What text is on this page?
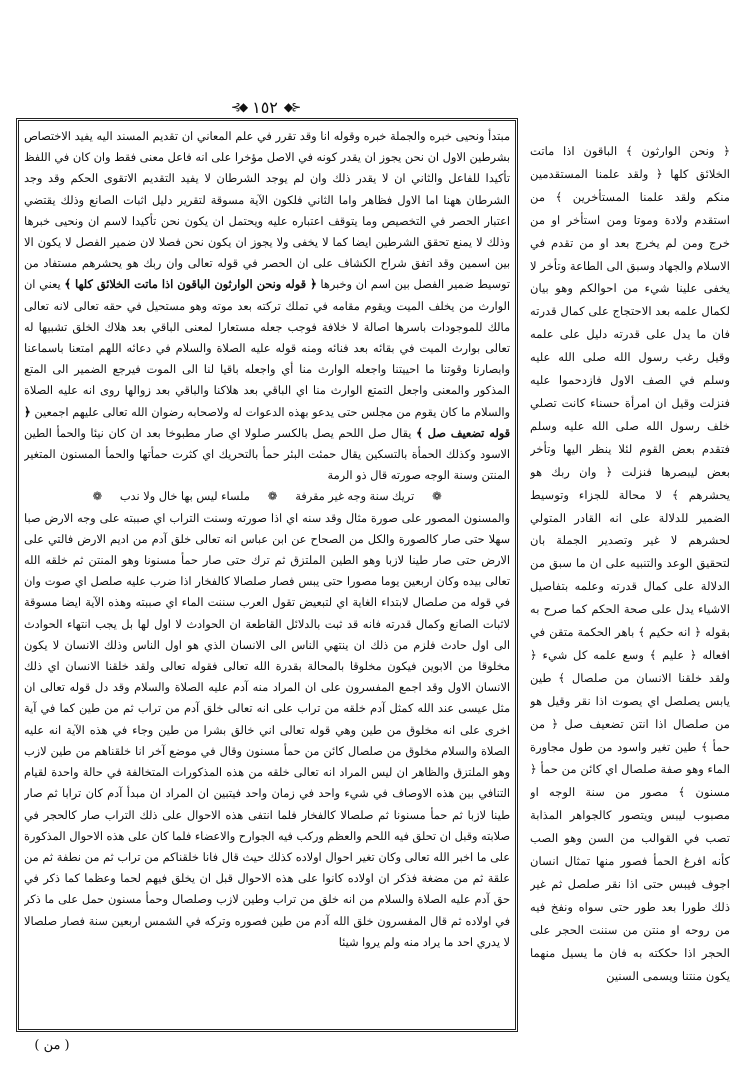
⊰◆ ١٥٢ ◆⊱

مبتدأ ونحيى خبره والجملة خبره وقوله انا وقد تقرر في علم المعاني ان تقديم المسند اليه يفيد الاختصاص بشرطين الاول ان نحن يجوز ان يقدر كونه في الاصل مؤخرا على انه فاعل معنى فقط وان كان في اللفظ تأكيدا للفاعل والثاني ان لا يقدر ذلك وان لم يوجد الشرطان لا يفيد التقديم الاتقوى الحكم وقد وجد الشرطان ههنا اما الاول فظاهر واما الثاني فلكون الآية مسوقة لتقرير دليل اثبات الصانع وذلك يقتضي اعتبار الحصر في التخصيص وما يتوقف اعتباره عليه ويحتمل ان يكون نحن تأكيدا لاسم ان ونحيى خبرها وذلك لا يمنع تحقق الشرطين ايضا كما لا يخفى ولا يجوز ان يكون نحن فصلا لان ضمير الفصل لا يكون الا بين اسمين وقد اتفق شراح الكشاف على ان الحصر في قوله تعالى وان ربك هو يحشرهم مستفاد من توسيط ضمير الفصل بين اسم ان وخبرها ﴿ قوله ونحن الوارثون الباقون اذا ماتت الخلائق كلها ﴾ يعني ان الوارث من يخلف الميت ويقوم مقامه في تملك تركته بعد موته وهو مستحيل في حقه تعالى لانه تعالى مالك للموجودات باسرها اصالة لا خلافة فوجب جعله مستعارا لمعنى الباقي بعد هلاك الخلق تشبيها له تعالى بوارث الميت في بقائه بعد فنائه ومنه قوله عليه الصلاة والسلام في دعائه اللهم امتعنا باسماعنا وابصارنا وقوتنا ما احييتنا واجعله الوارث منا أي واجعله باقيا لنا الى الموت فيرجع الضمير الى المتع المذكور والمعنى واجعل التمتع الوارث منا اي الباقي بعد هلاكنا والباقي بعد زوالها روى انه عليه الصلاة والسلام ما كان يقوم من مجلس حتى يدعو بهذه الدعوات له ولاصحابه رضوان الله تعالى عليهم اجمعين ﴿ قوله تضعيف صل ﴾ يقال صل اللحم يصل بالكسر صلولا اي صار مطبوخا بعد ان كان نيئا والحمأ الطين الاسود وكذلك الحمأة بالتسكين يقال حمئت البئر حمأ بالتحريك اي كثرت حمأتها والحمأ المسنون المتغير المنتن وسنة الوجه صورته قال ذو الرمة

❁
تريك سنة وجه غير مقرفة
❁
ملساء ليس بها خال ولا ندب
❁

والمسنون المصور على صورة مثال وقد سنه اي اذا صورته وسنت التراب اي صببته على وجه الارض صبا سهلا حتى صار كالصورة والكل من الصحاح عن ابن عباس انه تعالى خلق آدم من اديم الارض فالتي على الارض حتى صار طينا لازبا وهو الطين الملتزق ثم ترك حتى صار حمأ مسنونا وهو المنتن ثم خلقه الله تعالى بيده وكان اربعين يوما مصورا حتى يبس فصار صلصالا كالفخار اذا ضرب عليه صلصل اي صوت وان في قوله من صلصال لابتداء الغاية اي لتبعيض تقول العرب سننت الماء اي صببته وهذه الآية ايضا مسوقة لاثبات الصانع وكمال قدرته فانه قد ثبت بالدلائل القاطعة ان الحوادث لا اول لها بل يجب انتهاء الحوادث الى اول حادث فلزم من ذلك ان ينتهي الناس الى الانسان الذي هو اول الناس وذلك الانسان لا يكون مخلوقا من الابوين فيكون مخلوقا بالمحالة بقدرة الله تعالى فقوله تعالى ولقد خلقنا الانسان اي ذلك الانسان الاول وقد اجمع المفسرون على ان المراد منه آدم عليه الصلاة والسلام وقد دل قوله تعالى ان مثل عيسى عند الله كمثل آدم خلقه من تراب على انه تعالى خلق آدم من تراب ثم من طين كما في آية اخرى على انه مخلوق من طين وهي قوله تعالى اني خالق بشرا من طين وجاء في هذه الآية انه عليه الصلاة والسلام مخلوق من صلصال كائن من حمأ مسنون وقال في موضع آخر انا خلقناهم من طين لازب وهو الملتزق والظاهر ان ليس المراد انه تعالى خلقه من هذه المذكورات المتخالفة في حالة واحدة لقيام التنافي بين هذه الاوصاف في شيء واحد في زمان واحد فيتبين ان المراد ان مبدأ آدم كان ترابا ثم صار طينا لازبا ثم حمأ مسنونا ثم صلصالا كالفخار فلما انتفى هذه الاحوال على ذلك التراب صار كالحجر في صلابته وقبل ان تحلق فيه اللحم والعظم وركب فيه الجوارح والاعضاء فلما كان على هذه الاحوال المذكورة على ما اخبر الله تعالى وكان تغير احوال اولاده كذلك حيث قال فانا خلقناكم من تراب ثم من نطفة ثم من علقة ثم من مضغة فذكر ان اولاده كانوا على هذه الاحوال قبل ان يخلق فيهم لحما وعظما كما ذكر في حق آدم عليه الصلاة والسلام من انه خلق من تراب وطين لازب وصلصال وحمأ مسنون حمل على ما ذكر في اولاده ثم قال المفسرون خلق الله آدم من طين فصوره وتركه في الشمس اربعين سنة فصار صلصالا لا يدري احد ما يراد منه ولم يروا شيئا

﴿ ونحن الوارثون ﴾ الباقون اذا ماتت الخلائق كلها ﴿ ولقد علمنا المستقدمين منكم ولقد علمنا المستأخرين ﴾ من استقدم ولادة وموتا ومن استأخر او من خرج ومن لم يخرج بعد او من تقدم في الاسلام والجهاد وسبق الى الطاعة وتأخر لا يخفى علينا شيء من احوالكم وهو بيان لكمال علمه بعد الاحتجاج على كمال قدرته فان ما يدل على قدرته دليل على علمه وقيل رغب رسول الله صلى الله عليه وسلم في الصف الاول فازدحموا عليه فنزلت وقيل ان امرأة حسناء كانت تصلي خلف رسول الله صلى الله عليه وسلم فتقدم بعض القوم لئلا ينظر اليها وتأخر بعض ليبصرها فنزلت ﴿ وان ربك هو يحشرهم ﴾ لا محالة للجزاء وتوسيط الضمير للدلالة على انه القادر المتولي لحشرهم لا غير وتصدير الجملة بان لتحقيق الوعد والتنبيه على ان ما سبق من الدلالة على كمال قدرته وعلمه بتفاصيل الاشياء يدل على صحة الحكم كما صرح به بقوله ﴿ انه حكيم ﴾ باهر الحكمة متقن في افعاله ﴿ عليم ﴾ وسع علمه كل شيء ﴿ ولقد خلقنا الانسان من صلصال ﴾ طين يابس يصلصل اي يصوت اذا نقر وقيل هو من صلصال اذا انتن تضعيف صل ﴿ من حمأ ﴾ طين تغير واسود من طول مجاورة الماء وهو صفة صلصال اي كائن من حمأ ﴿ مسنون ﴾ مصور من سنة الوجه او مصبوب ليبس ويتصور كالجواهر المذابة تصب في القوالب من السن وهو الصب كأنه افرغ الحمأ فصور منها تمثال انسان اجوف فيبس حتى اذا نقر صلصل ثم غير ذلك طورا بعد طور حتى سواه ونفخ فيه من روحه او منتن من سننت الحجر على الحجر اذا حككته به فان ما يسيل منهما يكون منتنا ويسمى السنين

( من )
